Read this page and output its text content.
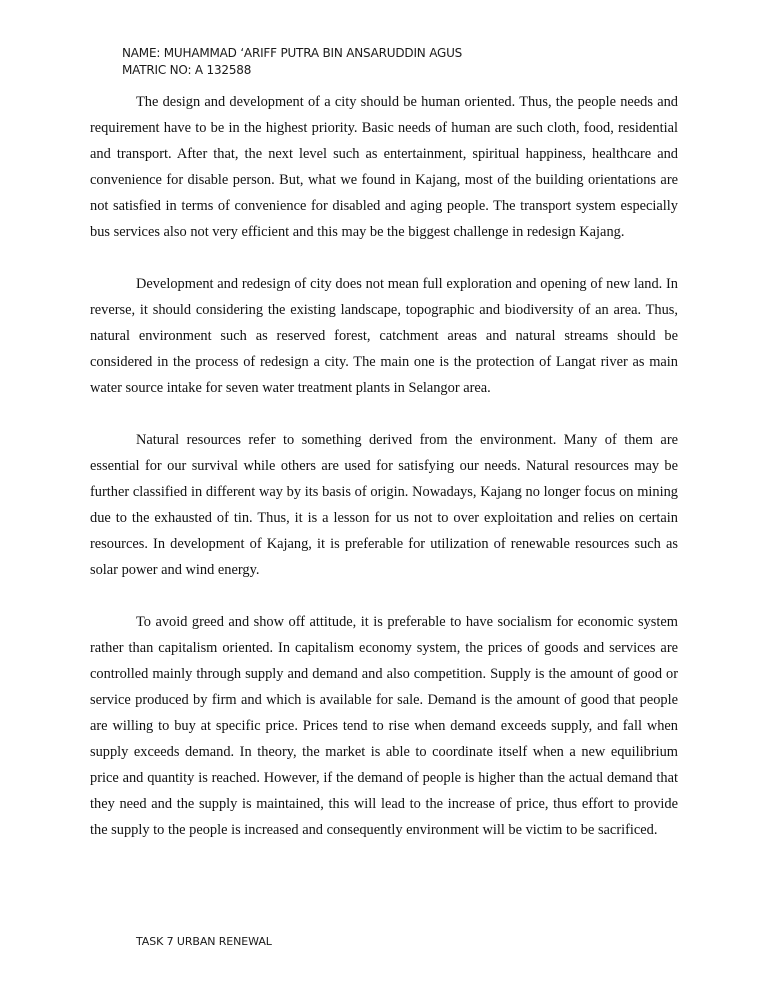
NAME: MUHAMMAD ‘ARIFF PUTRA BIN ANSARUDDIN AGUS
MATRIC NO: A 132588

The design and development of a city should be human oriented. Thus, the people needs and requirement have to be in the highest priority. Basic needs of human are such cloth, food, residential and transport. After that, the next level such as entertainment, spiritual happiness, healthcare and convenience for disable person. But, what we found in Kajang, most of the building orientations are not satisfied in terms of convenience for disabled and aging people. The transport system especially bus services also not very efficient and this may be the biggest challenge in redesign Kajang.

Development and redesign of city does not mean full exploration and opening of new land. In reverse, it should considering the existing landscape, topographic and biodiversity of an area. Thus, natural environment such as reserved forest, catchment areas and natural streams should be considered in the process of redesign a city. The main one is the protection of Langat river as main water source intake for seven water treatment plants in Selangor area.

Natural resources refer to something derived from the environment. Many of them are essential for our survival while others are used for satisfying our needs. Natural resources may be further classified in different way by its basis of origin. Nowadays, Kajang no longer focus on mining due to the exhausted of tin. Thus, it is a lesson for us not to over exploitation and relies on certain resources. In development of Kajang, it is preferable for utilization of renewable resources such as solar power and wind energy.

To avoid greed and show off attitude, it is preferable to have socialism for economic system rather than capitalism oriented. In capitalism economy system, the prices of goods and services are controlled mainly through supply and demand and also competition. Supply is the amount of good or service produced by firm and which is available for sale. Demand is the amount of good that people are willing to buy at specific price. Prices tend to rise when demand exceeds supply, and fall when supply exceeds demand. In theory, the market is able to coordinate itself when a new equilibrium price and quantity is reached. However, if the demand of people is higher than the actual demand that they need and the supply is maintained, this will lead to the increase of price, thus effort to provide the supply to the people is increased and consequently environment will be victim to be sacrificed.

TASK 7 URBAN RENEWAL
